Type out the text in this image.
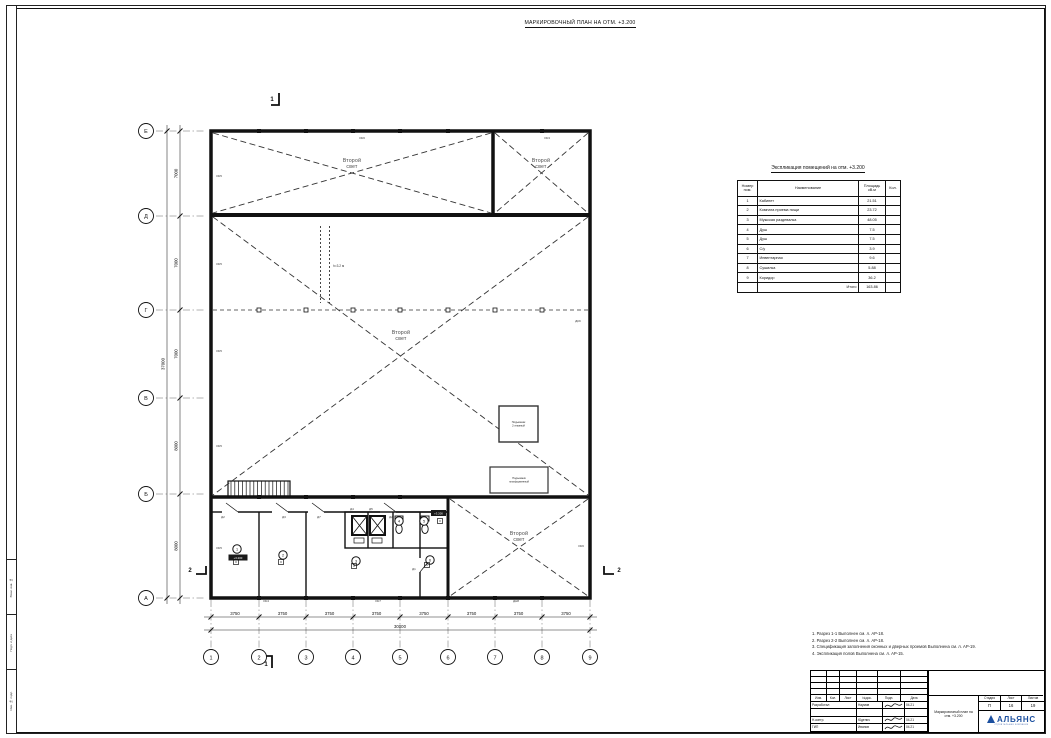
Инв. № подл.
Подп. и дата
Взам. инв. №
МАРКИРОВОЧНЫЙ ПЛАН НА ОТМ. +3.200
h=3.2 м
1
1
2	2
1	2	3	4	5	6	7	8	9
Е
Д
Г
В
Б
А
3750	3750	3750	3750	3750	3750	3750	3750
30000
7000
7000
7000
8000
8000
37000
ОК6	ОК3
ОК5
ОК5
ОК5
ОК5
ОК5
ДК9
ОК6
ОК4	ОК7	ДН8
Д2	Д3	Д7	Д2
Д4	Д5
Д1
1
2
3
4	5
6
Второй
свет
Второй
свет
Второй
свет
Второй
свет
Подъемник
2-этажный
Подъемник
платформенный
+3.200
+3.200
Экспликация помещений на отм. +3.200
Номер пом.	Наименование	Площадь кВ.м	Кол.
1	Кабинет	21.51
2	Комната приема пищи	23.72
3	Мужская раздевалка	48.05
4	Душ	7.5
5	Душ	7.5
6	С/у	3.9
7	Инвентарная	9.6
8	Сушилка	5.88
9	Коридор	36.2
Итого	163.86
1. Разрез 1-1 Выполнен см. л. АР-18.
2. Разрез 2-2 Выполнен см. л. АР-18.
3. Спецификация заполнения оконных и дверных проемов Выполнена см. л. АР-19.
4. Экспликация полов Выполнена см. л. АР-15.
Изм.	Кол.	Лист	№док.	Подп.	Дата
Разработал	Наумов	04.21
Н.контр.	Юденич	04.21
ГИП	Иванов	04.21
Маркировочный план на отм. +3.200
Стадия	Лист	Листов
П	16	19
АЛЬЯНС
строительная компания
